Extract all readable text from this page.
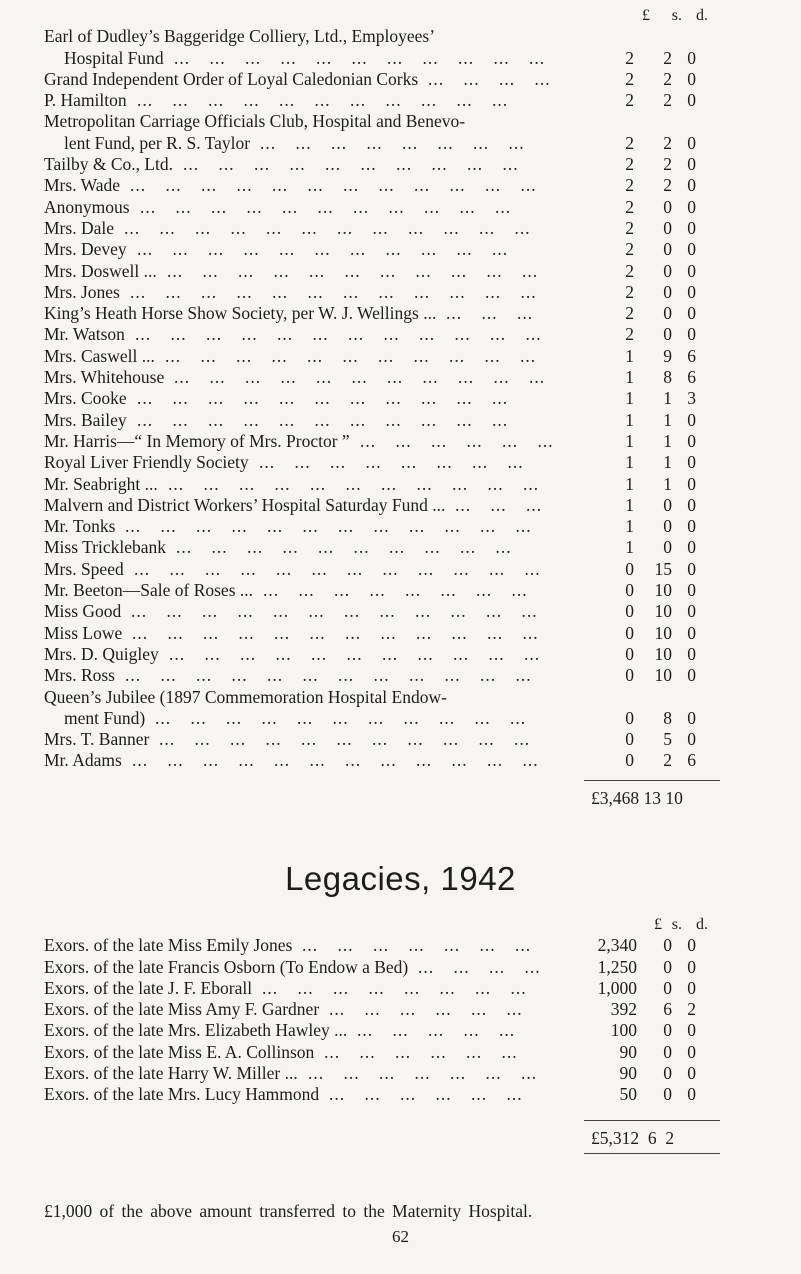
£	s. d.
Earl of Dudley’s Baggeridge Colliery, Ltd., Employees’
Hospital Fund	2	2 0
... ... ... ... ... ... ... ... ... ... ...
Grand Independent Order of Loyal Caledonian Corks	2	2 0
... ... ... ...
P. Hamilton	2	2 0
... ... ... ... ... ... ... ... ... ... ...
Metropolitan Carriage Officials Club, Hospital and Benevo-
lent Fund, per R. S. Taylor	2	2 0
... ... ... ... ... ... ... ...
Tailby & Co., Ltd.	2	2 0
... ... ... ... ... ... ... ... ... ...
Mrs. Wade	2	2 0
... ... ... ... ... ... ... ... ... ... ... ...
Anonymous	2	0 0
... ... ... ... ... ... ... ... ... ... ...
Mrs. Dale	2	0 0
... ... ... ... ... ... ... ... ... ... ... ...
Mrs. Devey	2	0 0
... ... ... ... ... ... ... ... ... ... ...
Mrs. Doswell ...	2	0 0
... ... ... ... ... ... ... ... ... ... ...
Mrs. Jones	2	0 0
... ... ... ... ... ... ... ... ... ... ... ...
King’s Heath Horse Show Society, per W. J. Wellings ...	2	0 0
... ... ...
Mr. Watson	2	0 0
... ... ... ... ... ... ... ... ... ... ... ...
Mrs. Caswell ...	1	9 6
... ... ... ... ... ... ... ... ... ... ...
Mrs. Whitehouse	1	8 6
... ... ... ... ... ... ... ... ... ... ...
Mrs. Cooke	1	1 3
... ... ... ... ... ... ... ... ... ... ...
Mrs. Bailey	1	1 0
... ... ... ... ... ... ... ... ... ... ...
Mr. Harris—“ In Memory of Mrs. Proctor ”	1	1 0
... ... ... ... ... ...
Royal Liver Friendly Society	1	1 0
... ... ... ... ... ... ... ...
Mr. Seabright ...	1	1 0
... ... ... ... ... ... ... ... ... ... ...
Malvern and District Workers’ Hospital Saturday Fund ...	1	0 0
... ... ...
Mr. Tonks	1	0 0
... ... ... ... ... ... ... ... ... ... ... ...
Miss Tricklebank	1	0 0
... ... ... ... ... ... ... ... ... ...
Mrs. Speed	0	15 0
... ... ... ... ... ... ... ... ... ... ... ...
Mr. Beeton—Sale of Roses ...	0	10 0
... ... ... ... ... ... ... ...
Miss Good	0	10 0
... ... ... ... ... ... ... ... ... ... ... ...
Miss Lowe	0	10 0
... ... ... ... ... ... ... ... ... ... ... ...
Mrs. D. Quigley	0	10 0
... ... ... ... ... ... ... ... ... ... ...
Mrs. Ross	0	10 0
... ... ... ... ... ... ... ... ... ... ... ...
Queen’s Jubilee (1897 Commemoration Hospital Endow-
ment Fund)	0	8 0
... ... ... ... ... ... ... ... ... ... ...
Mrs. T. Banner	0	5 0
... ... ... ... ... ... ... ... ... ... ...
Mr. Adams	0	2 6
... ... ... ... ... ... ... ... ... ... ... ...
£3,468 13 10
Legacies, 1942
£ s. d.
Exors. of the late Miss Emily Jones	2,340	0 0
... ... ... ... ... ... ...
Exors. of the late Francis Osborn (To Endow a Bed)	1,250	0 0
... ... ... ...
Exors. of the late J. F. Eborall	1,000	0 0
... ... ... ... ... ... ... ...
Exors. of the late Miss Amy F. Gardner	392	6 2
... ... ... ... ... ...
Exors. of the late Mrs. Elizabeth Hawley ...	100	0 0
... ... ... ... ...
Exors. of the late Miss E. A. Collinson	90	0 0
... ... ... ... ... ...
Exors. of the late Harry W. Miller ...	90	0 0
... ... ... ... ... ... ...
Exors. of the late Mrs. Lucy Hammond	50	0 0
... ... ... ... ... ...
£5,312  6  2
£1,000 of the above amount transferred to the Maternity Hospital.
62
